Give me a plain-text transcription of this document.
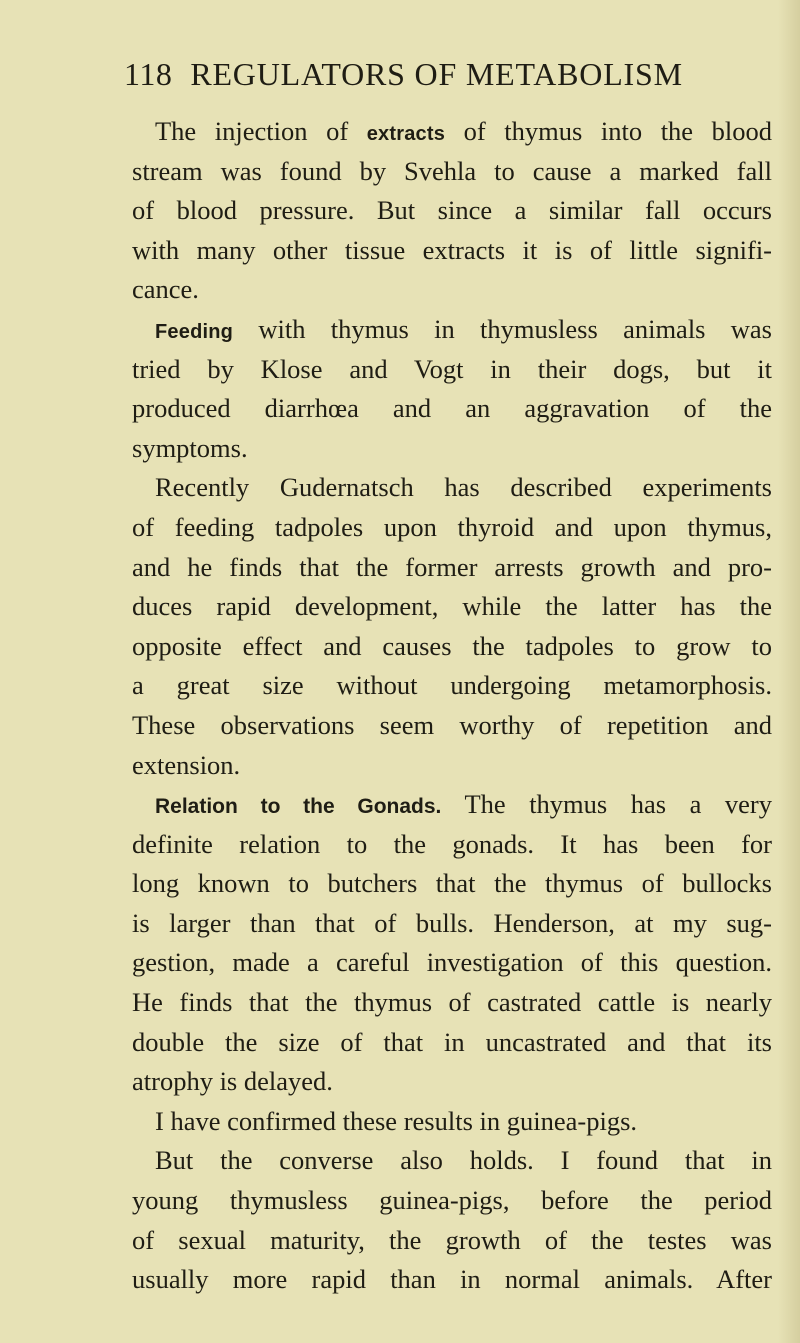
118 REGULATORS OF METABOLISM
The injection of extracts of thymus into the blood
stream was found by Svehla to cause a marked fall
of blood pressure. But since a similar fall occurs
with many other tissue extracts it is of little signifi-
cance.
Feeding with thymus in thymusless animals was
tried by Klose and Vogt in their dogs, but it
produced diarrhœa and an aggravation of the
symptoms.
Recently Gudernatsch has described experiments
of feeding tadpoles upon thyroid and upon thymus,
and he finds that the former arrests growth and pro-
duces rapid development, while the latter has the
opposite effect and causes the tadpoles to grow to
a great size without undergoing metamorphosis.
These observations seem worthy of repetition and
extension.
Relation to the Gonads. The thymus has a very
definite relation to the gonads. It has been for
long known to butchers that the thymus of bullocks
is larger than that of bulls. Henderson, at my sug-
gestion, made a careful investigation of this question.
He finds that the thymus of castrated cattle is nearly
double the size of that in uncastrated and that its
atrophy is delayed.
I have confirmed these results in guinea-pigs.
But the converse also holds. I found that in
young thymusless guinea-pigs, before the period
of sexual maturity, the growth of the testes was
usually more rapid than in normal animals. After
